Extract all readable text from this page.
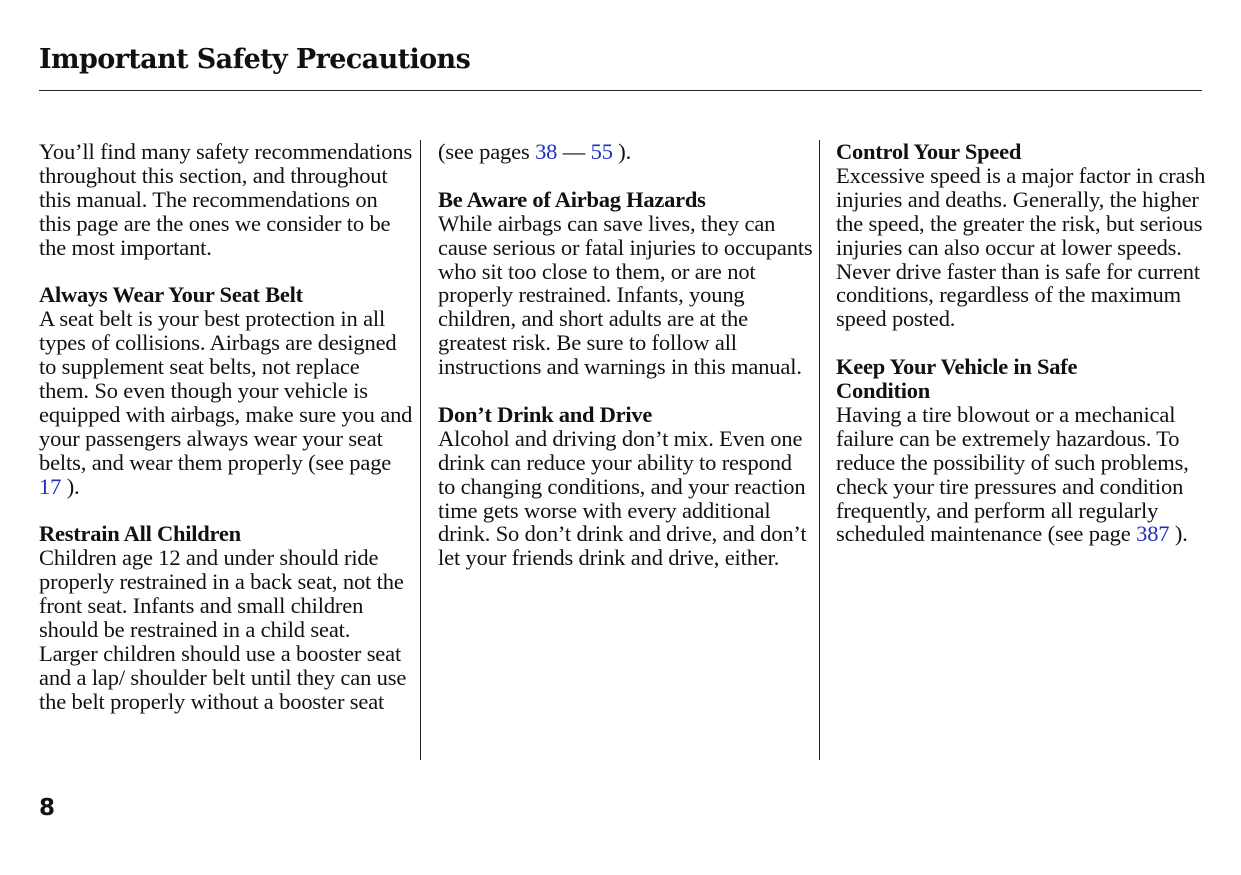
Important Safety Precautions

You’ll find many safety recommendations throughout this section, and throughout this manual. The recommendations on this page are the ones we consider to be the most important.

Always Wear Your Seat Belt

A seat belt is your best protection in all types of collisions. Airbags are designed to supplement seat belts, not replace them. So even though your vehicle is equipped with airbags, make sure you and your passengers always wear your seat belts, and wear them properly (see page 17 ).

Restrain All Children

Children age 12 and under should ride properly restrained in a back seat, not the front seat. Infants and small children should be restrained in a child seat. Larger children should use a booster seat and a lap/ shoulder belt until they can use the belt properly without a booster seat

(see pages 38 — 55 ).

Be Aware of Airbag Hazards

While airbags can save lives, they can cause serious or fatal injuries to occupants who sit too close to them, or are not properly restrained. Infants, young children, and short adults are at the greatest risk. Be sure to follow all instructions and warnings in this manual.

Don’t Drink and Drive

Alcohol and driving don’t mix. Even one drink can reduce your ability to respond to changing conditions, and your reaction time gets worse with every additional drink. So don’t drink and drive, and don’t let your friends drink and drive, either.

Control Your Speed

Excessive speed is a major factor in crash injuries and deaths. Generally, the higher the speed, the greater the risk, but serious injuries can also occur at lower speeds. Never drive faster than is safe for current conditions, regardless of the maximum speed posted.

Keep Your Vehicle in Safe
Condition

Having a tire blowout or a mechanical failure can be extremely hazardous. To reduce the possibility of such problems, check your tire pressures and condition frequently, and perform all regularly scheduled maintenance (see page 387 ).

8
